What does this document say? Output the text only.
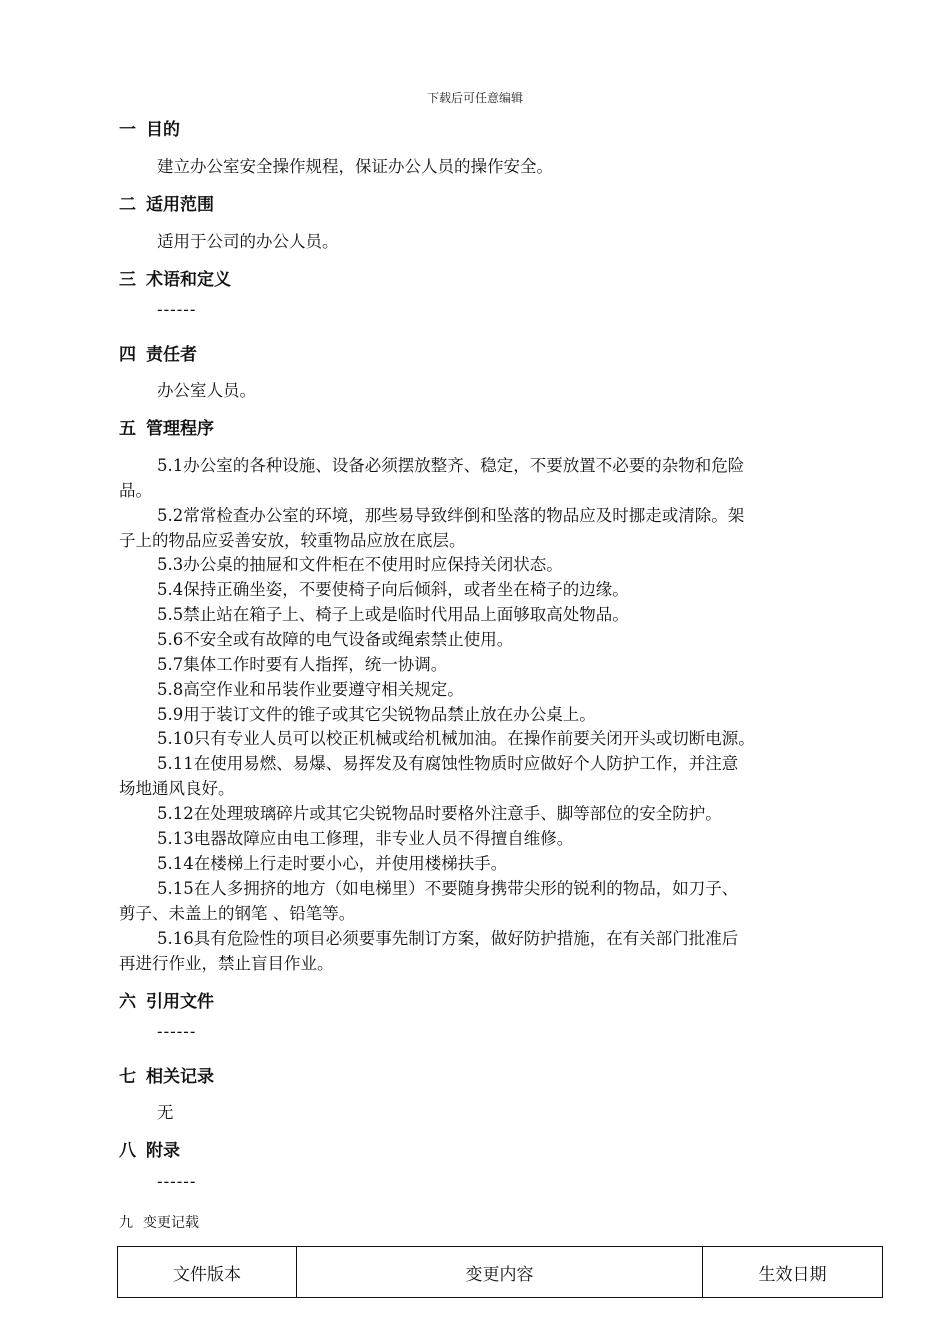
下载后可任意编辑
一 目的
建立办公室安全操作规程，保证办公人员的操作安全。
二 适用范围
适用于公司的办公人员。
三 术语和定义
------
四 责任者
办公室人员。
五 管理程序
5.1办公室的各种设施、设备必须摆放整齐、稳定，不要放置不必要的杂物和危险
品。
5.2常常检查办公室的环境，那些易导致绊倒和坠落的物品应及时挪走或清除。架
子上的物品应妥善安放，较重物品应放在底层。
5.3办公桌的抽屉和文件柜在不使用时应保持关闭状态。
5.4保持正确坐姿，不要使椅子向后倾斜，或者坐在椅子的边缘。
5.5禁止站在箱子上、椅子上或是临时代用品上面够取高处物品。
5.6不安全或有故障的电气设备或绳索禁止使用。
5.7集体工作时要有人指挥，统一协调。
5.8高空作业和吊装作业要遵守相关规定。
5.9用于装订文件的锥子或其它尖锐物品禁止放在办公桌上。
5.10只有专业人员可以校正机械或给机械加油。在操作前要关闭开头或切断电源。
5.11在使用易燃、易爆、易挥发及有腐蚀性物质时应做好个人防护工作，并注意
场地通风良好。
5.12在处理玻璃碎片或其它尖锐物品时要格外注意手、脚等部位的安全防护。
5.13电器故障应由电工修理，非专业人员不得擅自维修。
5.14在楼梯上行走时要小心，并使用楼梯扶手。
5.15在人多拥挤的地方（如电梯里）不要随身携带尖形的锐利的物品，如刀子、
剪子、未盖上的钢笔 、铅笔等。
5.16具有危险性的项目必须要事先制订方案，做好防护措施，在有关部门批准后
再进行作业，禁止盲目作业。
六 引用文件
------
七 相关记录
无
八 附录
------
九 变更记载
文件版本	变更内容	生效日期
